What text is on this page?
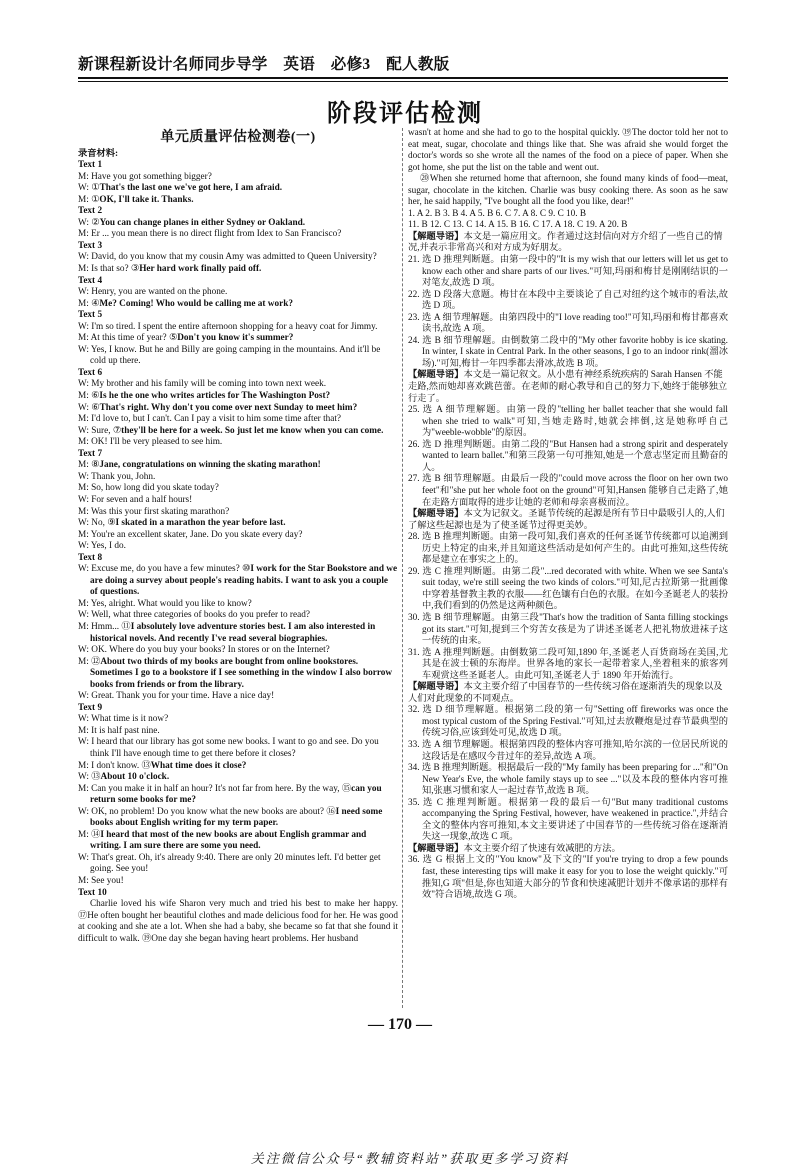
新课程新设计名师同步导学　英语　必修3　配人教版
阶段评估检测
单元质量评估检测卷(一)
录音材料:

Text 1

M: Have you got something bigger?

W: ①That's the last one we've got here, I am afraid.

M: ①OK, I'll take it. Thanks.

Text 2

W: ②You can change planes in either Sydney or Oakland.

M: Er ... you mean there is no direct flight from Idex to San Francisco?

Text 3

W: David, do you know that my cousin Amy was admitted to Queen University?

M: Is that so? ③Her hard work finally paid off.

Text 4

W: Henry, you are wanted on the phone.

M: ④Me? Coming! Who would be calling me at work?

Text 5

W: I'm so tired. I spent the entire afternoon shopping for a heavy coat for Jimmy.

M: At this time of year? ⑤Don't you know it's summer?

W: Yes, I know. But he and Billy are going camping in the mountains. And it'll be cold up there.

Text 6

W: My brother and his family will be coming into town next week.

M: ⑥Is he the one who writes articles for The Washington Post?

W: ⑥That's right. Why don't you come over next Sunday to meet him?

M: I'd love to, but I can't. Can I pay a visit to him some time after that?

W: Sure, ⑦they'll be here for a week. So just let me know when you can come.

M: OK! I'll be very pleased to see him.

Text 7

M: ⑧Jane, congratulations on winning the skating marathon!

W: Thank you, John.

M: So, how long did you skate today?

W: For seven and a half hours!

M: Was this your first skating marathon?

W: No, ⑨I skated in a marathon the year before last.

M: You're an excellent skater, Jane. Do you skate every day?

W: Yes, I do.

Text 8

W: Excuse me, do you have a few minutes? ⑩I work for the Star Bookstore and we are doing a survey about people's reading habits. I want to ask you a couple of questions.

M: Yes, alright. What would you like to know?

W: Well, what three categories of books do you prefer to read?

M: Hmm... ⑪I absolutely love adventure stories best. I am also interested in historical novels. And recently I've read several biographies.

W: OK. Where do you buy your books? In stores or on the Internet?

M: ⑫About two thirds of my books are bought from online bookstores. Sometimes I go to a bookstore if I see something in the window I also borrow books from friends or from the library.

W: Great. Thank you for your time. Have a nice day!

Text 9

W: What time is it now?

M: It is half past nine.

W: I heard that our library has got some new books. I want to go and see. Do you think I'll have enough time to get there before it closes?

M: I don't know. ⑬What time does it close?

W: ⑬About 10 o'clock.

M: Can you make it in half an hour? It's not far from here. By the way, ⑮can you return some books for me?

W: OK, no problem! Do you know what the new books are about? ⑯I need some books about English writing for my term paper.

M: ⑭I heard that most of the new books are about English grammar and writing. I am sure there are some you need.

W: That's great. Oh, it's already 9:40. There are only 20 minutes left. I'd better get going. See you!

M: See you!

Text 10

Charlie loved his wife Sharon very much and tried his best to make her happy. ⑰He often bought her beautiful clothes and made delicious food for her. He was good at cooking and she ate a lot. When she had a baby, she became so fat that she found it difficult to walk. ⑲One day she began having heart problems. Her husband

wasn't at home and she had to go to the hospital quickly. ⑲The doctor told her not to eat meat, sugar, chocolate and things like that. She was afraid she would forget the doctor's words so she wrote all the names of the food on a piece of paper. When she got home, she put the list on the table and went out.

⑳When she returned home that afternoon, she found many kinds of food—meat, sugar, chocolate in the kitchen. Charlie was busy cooking there. As soon as he saw her, he said happily, "I've bought all the food you like, dear!"

1. A 2. B 3. B 4. A 5. B 6. C 7. A 8. C 9. C 10. B

11. B 12. C 13. C 14. A 15. B 16. C 17. A 18. C 19. A 20. B

【解题导语】本文是一篇应用文。作者通过这封信向对方介绍了一些自己的情况,并表示非常高兴和对方成为好朋友。

21. 选 D 推理判断题。由第一段中的"It is my wish that our letters will let us get to know each other and share parts of our lives."可知,玛丽和梅甘是刚刚结识的一对笔友,故选 D 项。

22. 选 D 段落大意题。梅甘在本段中主要谈论了自己对纽约这个城市的看法,故选 D 项。

23. 选 A 细节理解题。由第四段中的"I love reading too!"可知,玛丽和梅甘都喜欢读书,故选 A 项。

24. 选 B 细节理解题。由倒数第二段中的"My other favorite hobby is ice skating. In winter, I skate in Central Park. In the other seasons, I go to an indoor rink(溜冰场)."可知,梅甘一年四季都去滑冰,故选 B 项。

【解题导语】本文是一篇记叙文。从小患有神经系统疾病的 Sarah Hansen 不能走路,然而她却喜欢跳芭蕾。在老师的耐心教导和自己的努力下,她终于能够独立行走了。

25. 选 A 细节理解题。由第一段的"telling her ballet teacher that she would fall when she tried to walk"可知,当她走路时,她就会摔倒,这是她称呼自己为"weeble-wobble"的原因。

26. 选 D 推理判断题。由第二段的"But Hansen had a strong spirit and desperately wanted to learn ballet."和第三段第一句可推知,她是一个意志坚定而且勤奋的人。

27. 选 B 细节理解题。由最后一段的"could move across the floor on her own two feet"和"she put her whole foot on the ground"可知,Hansen 能够自己走路了,她在走路方面取得的进步让她的老师和母亲喜极而泣。

【解题导语】本文为记叙文。圣诞节传统的起源是所有节日中最吸引人的,人们了解这些起源也是为了使圣诞节过得更美妙。

28. 选 B 推理判断题。由第一段可知,我们喜欢的任何圣诞节传统都可以追溯到历史上特定的由来,并且知道这些活动是如何产生的。由此可推知,这些传统都是建立在事实之上的。

29. 选 C 推理判断题。由第二段"...red decorated with white. When we see Santa's suit today, we're still seeing the two kinds of colors."可知,尼古拉斯第一批画像中穿着基督教主教的衣服——红色镶有白色的衣服。在如今圣诞老人的装扮中,我们看到的仍然是这两种颜色。

30. 选 B 细节理解题。由第三段"That's how the tradition of Santa filling stockings got its start."可知,提到三个穷苦女孩是为了讲述圣诞老人把礼物放进袜子这一传统的由来。

31. 选 A 推理判断题。由倒数第二段可知,1890 年,圣诞老人百货商场在美国,尤其是在波士顿的东海岸。世界各地的家长一起带着家人,坐着租来的旅客列车观赏这些圣诞老人。由此可知,圣诞老人于 1890 年开始流行。

【解题导语】本文主要介绍了中国春节的一些传统习俗在逐渐消失的现象以及人们对此现象的不同观点。

32. 选 D 细节理解题。根据第二段的第一句"Setting off fireworks was once the most typical custom of the Spring Festival."可知,过去放鞭炮是过春节最典型的传统习俗,应该到处可见,故选 D 项。

33. 选 A 细节理解题。根据第四段的整体内容可推知,哈尔滨的一位居民所说的这段话是在感叹今昔过年的差异,故选 A 项。

34. 选 B 推理判断题。根据最后一段的"My family has been preparing for ..."和"On New Year's Eve, the whole family stays up to see ..."以及本段的整体内容可推知,张惠习惯和家人一起过春节,故选 B 项。

35. 选 C 推理判断题。根据第一段的最后一句"But many traditional customs accompanying the Spring Festival, however, have weakened in practice.",并结合全文的整体内容可推知,本文主要讲述了中国春节的一些传统习俗在逐渐消失这一现象,故选 C 项。

【解题导语】本文主要介绍了快速有效减肥的方法。

36. 选 G 根据上文的"You know"及下文的"If you're trying to drop a few pounds fast, these interesting tips will make it easy for you to lose the weight quickly."可推知,G 项"但是,你也知道大部分的节食和快速减肥计划并不像承诺的那样有效"符合语境,故选 G 项。

— 170 —
关注微信公众号“教辅资料站”获取更多学习资料
